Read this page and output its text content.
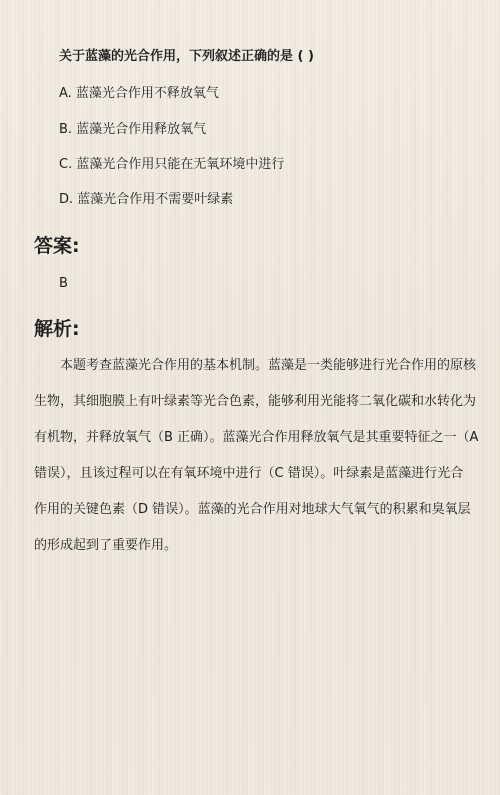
关于蓝藻的光合作用，下列叙述正确的是 ( )
A. 蓝藻光合作用不释放氧气
B. 蓝藻光合作用释放氧气
C. 蓝藻光合作用只能在无氧环境中进行
D. 蓝藻光合作用不需要叶绿素
答案:
B
解析:
本题考查蓝藻光合作用的基本机制。蓝藻是一类能够进行光合作用的原核
生物，其细胞膜上有叶绿素等光合色素，能够利用光能将二氧化碳和水转化为
有机物，并释放氧气（B 正确）。蓝藻光合作用释放氧气是其重要特征之一（A
错误），且该过程可以在有氧环境中进行（C 错误）。叶绿素是蓝藻进行光合
作用的关键色素（D 错误）。蓝藻的光合作用对地球大气氧气的积累和臭氧层
的形成起到了重要作用。
